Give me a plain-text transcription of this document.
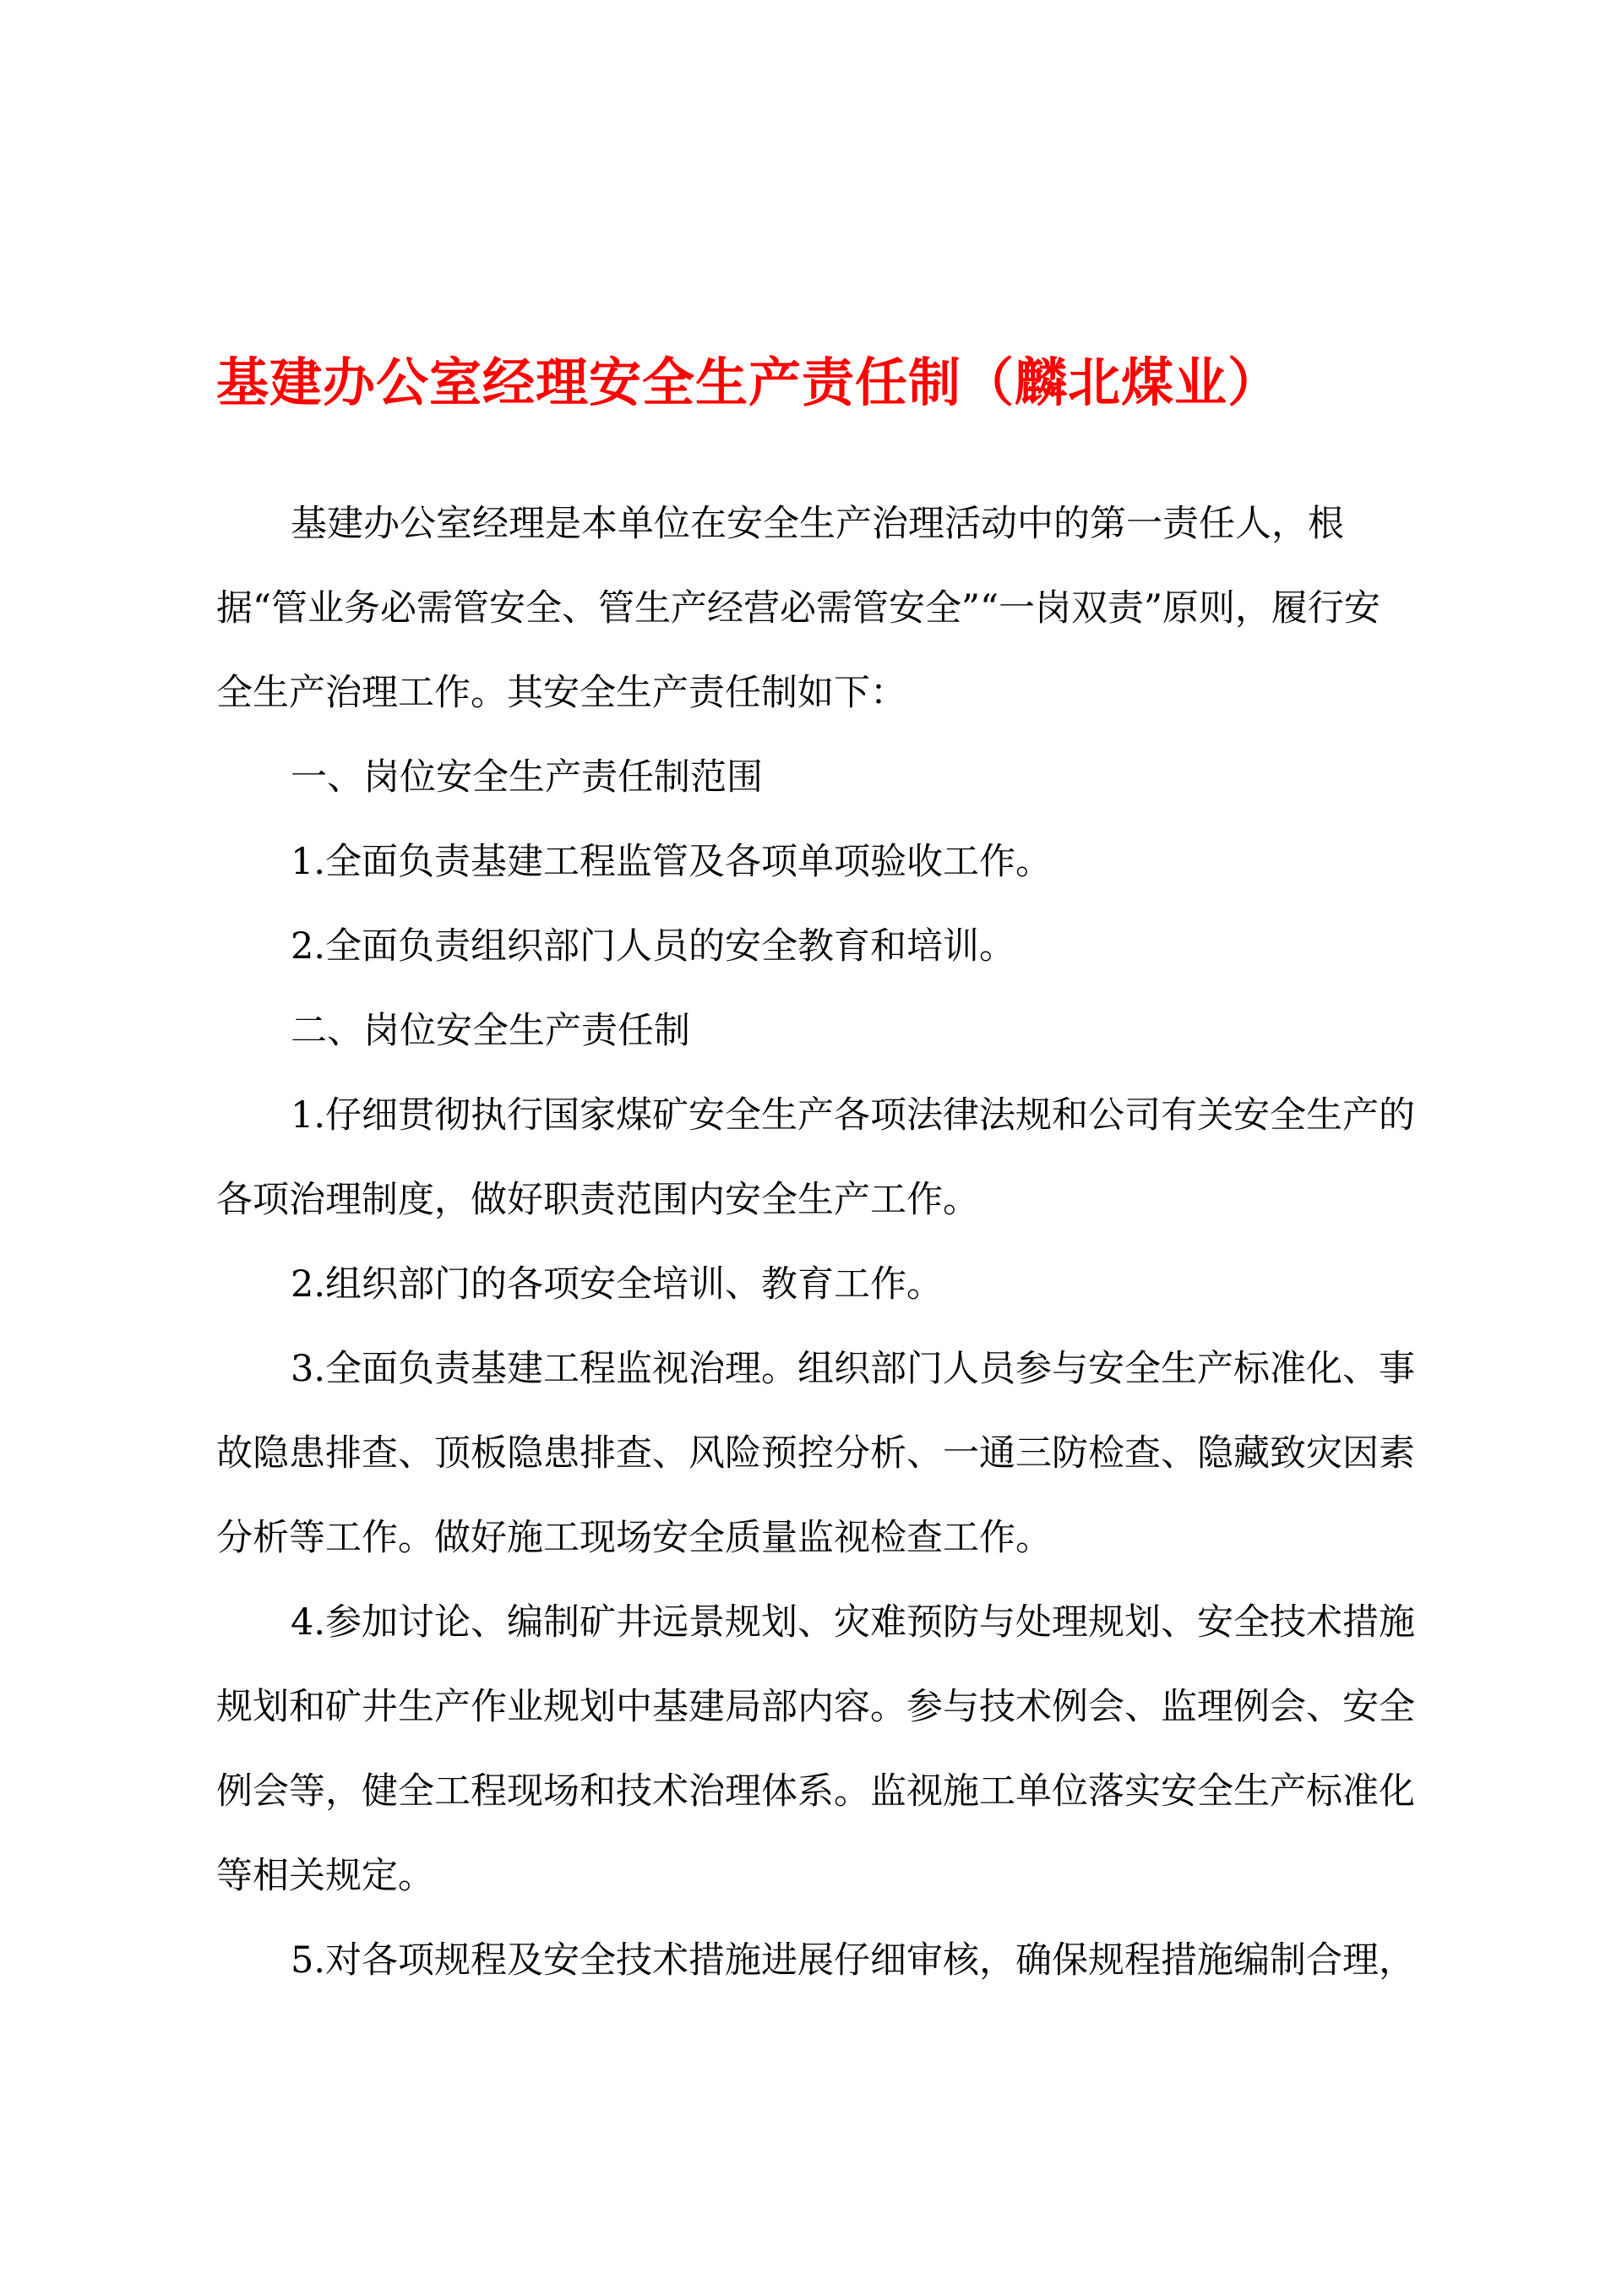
基建办公室经理安全生产责任制（麟北煤业）

基建办公室经理是本单位在安全生产治理活动中的第一责任人，根据“管业务必需管安全、管生产经营必需管安全”“一岗双责”原则，履行安全生产治理工作。其安全生产责任制如下：

一、岗位安全生产责任制范围

1.全面负责基建工程监管及各项单项验收工作。

2.全面负责组织部门人员的安全教育和培训。

二、岗位安全生产责任制

1.仔细贯彻执行国家煤矿安全生产各项法律法规和公司有关安全生产的各项治理制度，做好职责范围内安全生产工作。

2.组织部门的各项安全培训、教育工作。

3.全面负责基建工程监视治理。组织部门人员参与安全生产标准化、事故隐患排查、顶板隐患排查、风险预控分析、一通三防检查、隐藏致灾因素分析等工作。做好施工现场安全质量监视检查工作。

4.参加讨论、编制矿井远景规划、灾难预防与处理规划、安全技术措施规划和矿井生产作业规划中基建局部内容。参与技术例会、监理例会、安全例会等，健全工程现场和技术治理体系。监视施工单位落实安全生产标准化等相关规定。

5.对各项规程及安全技术措施进展仔细审核，确保规程措施编制合理，
